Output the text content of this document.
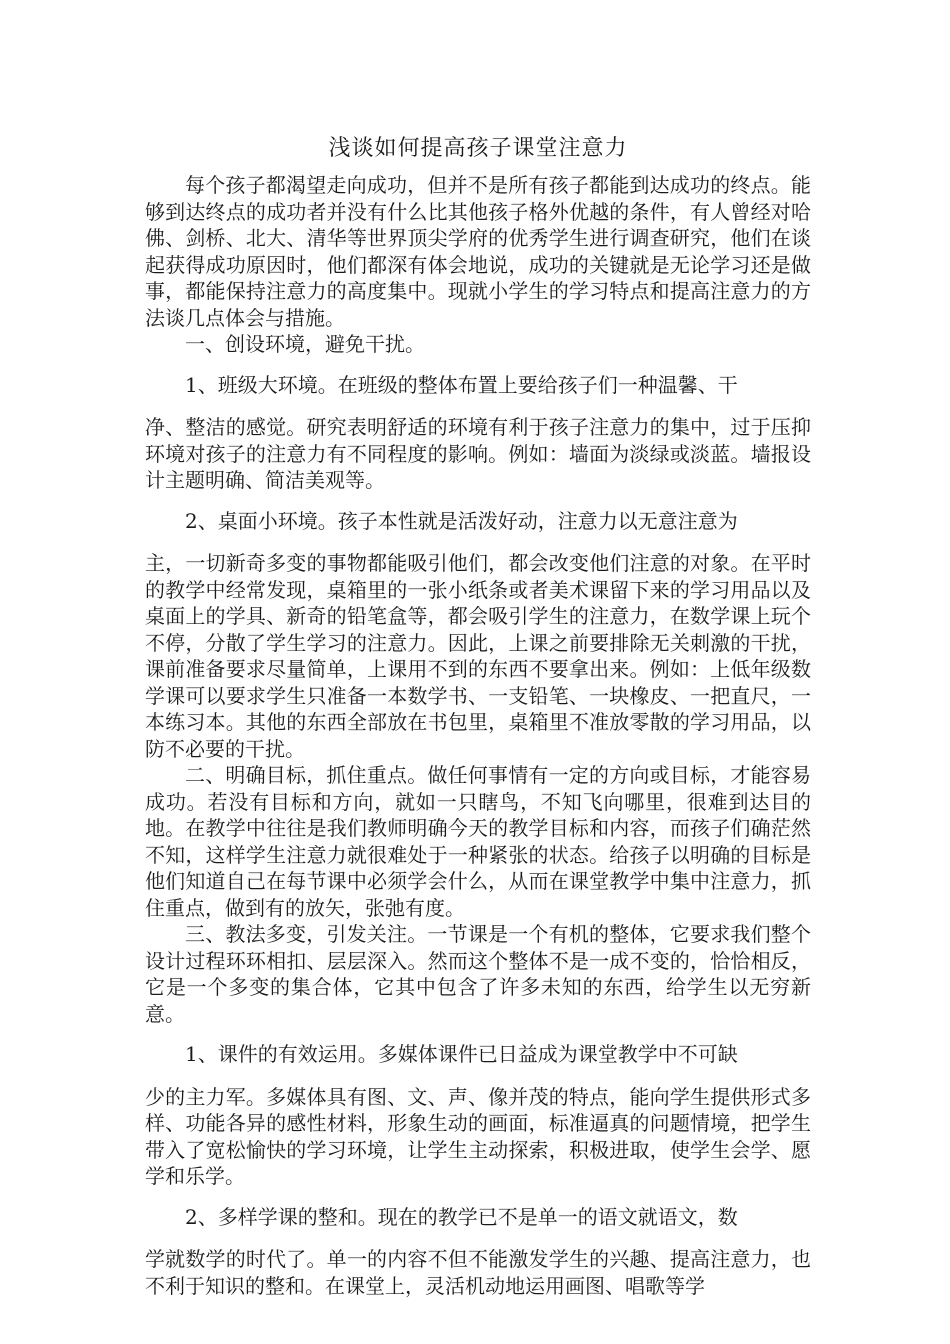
浅谈如何提高孩子课堂注意力

每个孩子都渴望走向成功，但并不是所有孩子都能到达成功的终点。能够到达终点的成功者并没有什么比其他孩子格外优越的条件，有人曾经对哈佛、剑桥、北大、清华等世界顶尖学府的优秀学生进行调查研究，他们在谈起获得成功原因时，他们都深有体会地说，成功的关键就是无论学习还是做事，都能保持注意力的高度集中。现就小学生的学习特点和提高注意力的方法谈几点体会与措施。

一、创设环境，避免干扰。

1、班级大环境。在班级的整体布置上要给孩子们一种温馨、干
净、整洁的感觉。研究表明舒适的环境有利于孩子注意力的集中，过于压抑环境对孩子的注意力有不同程度的影响。例如：墙面为淡绿或淡蓝。墙报设计主题明确、简洁美观等。
2、桌面小环境。孩子本性就是活泼好动，注意力以无意注意为
主，一切新奇多变的事物都能吸引他们，都会改变他们注意的对象。在平时的教学中经常发现，桌箱里的一张小纸条或者美术课留下来的学习用品以及桌面上的学具、新奇的铅笔盒等，都会吸引学生的注意力，在数学课上玩个不停，分散了学生学习的注意力。因此，上课之前要排除无关刺激的干扰，课前准备要求尽量简单，上课用不到的东西不要拿出来。例如：上低年级数学课可以要求学生只准备一本数学书、一支铅笔、一块橡皮、一把直尺，一本练习本。其他的东西全部放在书包里，桌箱里不准放零散的学习用品，以防不必要的干扰。

二、明确目标，抓住重点。做任何事情有一定的方向或目标，才能容易成功。若没有目标和方向，就如一只瞎鸟，不知飞向哪里，很难到达目的地。在教学中往往是我们教师明确今天的教学目标和内容，而孩子们确茫然不知，这样学生注意力就很难处于一种紧张的状态。给孩子以明确的目标是他们知道自己在每节课中必须学会什么，从而在课堂教学中集中注意力，抓住重点，做到有的放矢，张弛有度。

三、教法多变，引发关注。一节课是一个有机的整体，它要求我们整个设计过程环环相扣、层层深入。然而这个整体不是一成不变的，恰恰相反，它是一个多变的集合体，它其中包含了许多未知的东西，给学生以无穷新意。

1、课件的有效运用。多媒体课件已日益成为课堂教学中不可缺
少的主力军。多媒体具有图、文、声、像并茂的特点，能向学生提供形式多样、功能各异的感性材料，形象生动的画面，标准逼真的问题情境，把学生带入了宽松愉快的学习环境，让学生主动探索，积极进取，使学生会学、愿学和乐学。
2、多样学课的整和。现在的教学已不是单一的语文就语文，数
学就数学的时代了。单一的内容不但不能激发学生的兴趣、提高注意力，也不利于知识的整和。在课堂上，灵活机动地运用画图、唱歌等学
